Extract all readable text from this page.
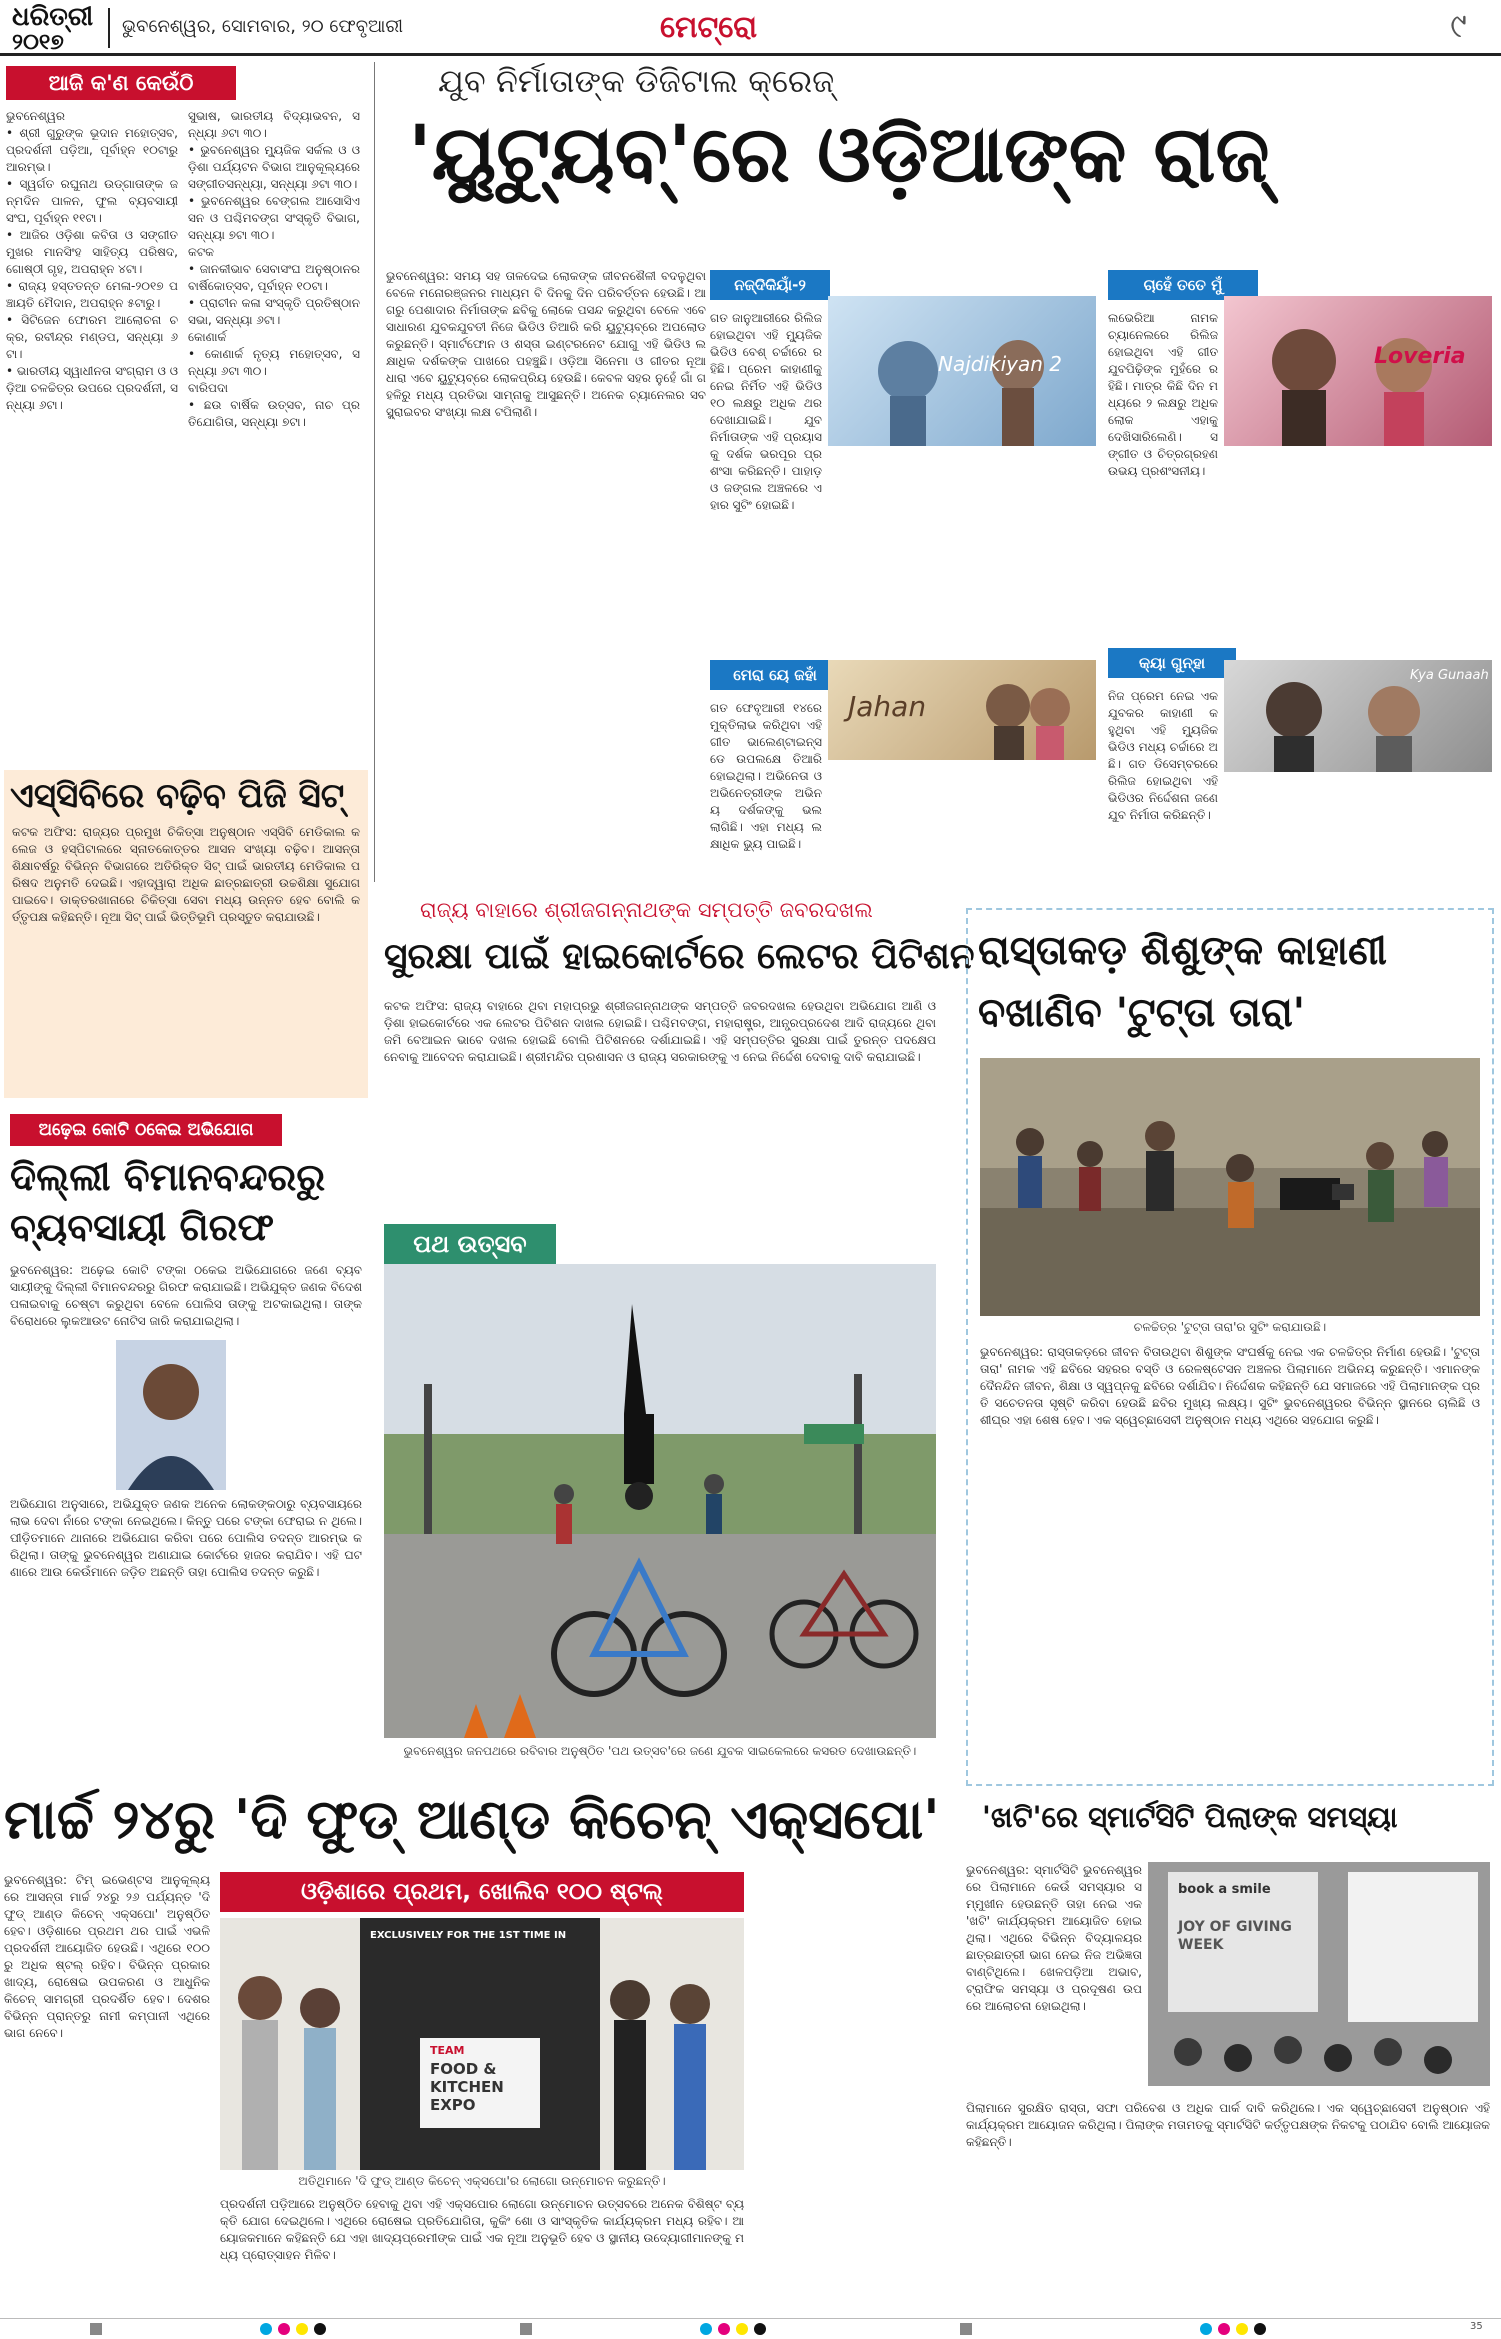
ଧରିତ୍ରୀ
୨୦୧୭
ଭୁବନେଶ୍ୱର, ସୋମବାର, ୨୦ ଫେବୃଆରୀ	ମେଟ୍ରୋ	୯
ଆଜି କ'ଣ କେଉଁଠି
ଭୁବନେଶ୍ୱର
• ଶ୍ରୀ ଗୁରୁଙ୍କ ଭୂଦାନ ମହୋତ୍ସବ, ପ୍ରଦର୍ଶନୀ ପଡ଼ିଆ, ପୂର୍ବାହ୍ନ ୧୦ଟାରୁ ଆରମ୍ଭ।
• ସ୍ୱର୍ଗତ ରଘୁନାଥ ଉଡ୍ଗାତାଙ୍କ ଜନ୍ମଦିନ ପାଳନ, ଫୁଲ ବ୍ୟବସାୟୀ ସଂଘ, ପୂର୍ବାହ୍ନ ୧୧ଟା।
• ଆଜିର ଓଡ଼ିଶା କବିତା ଓ ସଙ୍ଗୀତ ମୁଖର ମାନସିଂହ ସାହିତ୍ୟ ପରିଷଦ, ଗୋଷ୍ଠୀ ଗୃହ, ଅପରାହ୍ନ ୪ଟା।
• ରାଜ୍ୟ ହସ୍ତତନ୍ତ ମେଳା-୨୦୧୭ ପଞ୍ଚାୟତି ମୈଦାନ, ଅପରାହ୍ନ ୫ଟାରୁ।
• ସିଟିଜେନ ଫୋରମ ଆଲୋଚନା ଚକ୍ର, ରବୀନ୍ଦ୍ର ମଣ୍ଡପ, ସନ୍ଧ୍ୟା ୬ଟା।
• ଭାରତୀୟ ସ୍ୱାଧୀନତା ସଂଗ୍ରାମ ଓ ଓଡ଼ିଆ ଚଳଚ୍ଚିତ୍ର ଉପରେ ପ୍ରଦର୍ଶନୀ, ସନ୍ଧ୍ୟା ୬ଟା।
ସୁଭାଷ, ଭାରତୀୟ ବିଦ୍ୟାଭବନ, ସନ୍ଧ୍ୟା ୬ଟା ୩୦।
• ଭୁବନେଶ୍ୱର ମ୍ୟୁଜିକ ସର୍କଲ ଓ ଓଡ଼ିଶା ପର୍ଯ୍ୟଟନ ବିଭାଗ ଆନୁକୂଲ୍ୟରେ ସଙ୍ଗୀତସନ୍ଧ୍ୟା, ସନ୍ଧ୍ୟା ୬ଟା ୩୦।
• ଭୁବନେଶ୍ୱର ବେଙ୍ଗଲ ଆସୋସିଏସନ ଓ ପଶ୍ଚିମବଙ୍ଗ ସଂସ୍କୃତି ବିଭାଗ, ସନ୍ଧ୍ୟା ୭ଟା ୩୦।
କଟକ
• ଜାନକୀଭାବ ସେବାସଂଘ ଅନୁଷ୍ଠାନର ବାର୍ଷିକୋତ୍ସବ, ପୂର୍ବାହ୍ନ ୧୦ଟା।
• ପ୍ରାଚୀନ କଳା ସଂସ୍କୃତି ପ୍ରତିଷ୍ଠାନ ସଭା, ସନ୍ଧ୍ୟା ୬ଟା।
କୋଣାର୍କ
• କୋଣାର୍କ ନୃତ୍ୟ ମହୋତ୍ସବ, ସନ୍ଧ୍ୟା ୬ଟା ୩୦।
ବାରିପଦା
• ଛଉ ବାର୍ଷିକ ଉତ୍ସବ, ନାଚ ପ୍ରତିଯୋଗିତା, ସନ୍ଧ୍ୟା ୭ଟା।
ଯୁବ ନିର୍ମାତାଙ୍କ ଡିଜିଟାଲ କ୍ରେଜ୍
'ୟୁଟ୍ୟୁବ୍'ରେ ଓଡ଼ିଆଙ୍କ ରାଜ୍
ଭୁବନେଶ୍ୱର: ସମୟ ସହ ତାଳଦେଇ ଲୋକଙ୍କ ଜୀବନଶୈଳୀ ବଦଳୁଥିବା ବେଳେ ମନୋରଞ୍ଜନର ମାଧ୍ୟମ ବି ଦିନକୁ ଦିନ ପରିବର୍ତ୍ତନ ହେଉଛି। ଆଗରୁ ପେଶାଦାର ନିର୍ମାତାଙ୍କ ଛବିକୁ ଲୋକେ ପସନ୍ଦ କରୁଥିବା ବେଳେ ଏବେ ସାଧାରଣ ଯୁବକଯୁବତୀ ନିଜେ ଭିଡିଓ ତିଆରି କରି ୟୁଟ୍ୟୁବ୍ରେ ଅପଲୋଡ କରୁଛନ୍ତି। ସ୍ମାର୍ଟଫୋନ ଓ ଶସ୍ତା ଇଣ୍ଟରନେଟ ଯୋଗୁ ଏହି ଭିଡିଓ ଲକ୍ଷାଧିକ ଦର୍ଶକଙ୍କ ପାଖରେ ପହଞ୍ଚୁଛି। ଓଡ଼ିଆ ସିନେମା ଓ ଗୀତର ନୂଆ ଧାରା ଏବେ ୟୁଟ୍ୟୁବ୍ରେ ଲୋକପ୍ରିୟ ହେଉଛି। କେବଳ ସହର ନୁହେଁ ଗାଁ ଗହଳିରୁ ମଧ୍ୟ ପ୍ରତିଭା ସାମ୍ନାକୁ ଆସୁଛନ୍ତି। ଅନେକ ଚ୍ୟାନେଲର ସବସ୍କ୍ରାଇବର ସଂଖ୍ୟା ଲକ୍ଷ ଟପିଲାଣି।
ନଜ୍ଦିକିୟାଁ-୨
Najdikiyan 2
ଗତ ଜାନୁଆରୀରେ ରିଲିଜ ହୋଇଥିବା ଏହି ମ୍ୟୁଜିକ ଭିଡିଓ ବେଶ୍ ଚର୍ଚ୍ଚାରେ ରହିଛି। ପ୍ରେମ କାହାଣୀକୁ ନେଇ ନିର୍ମିତ ଏହି ଭିଡିଓ ୧୦ ଲକ୍ଷରୁ ଅଧିକ ଥର ଦେଖାଯାଇଛି। ଯୁବ ନିର୍ମାତାଙ୍କ ଏହି ପ୍ରୟାସକୁ ଦର୍ଶକ ଭରପୂର ପ୍ରଶଂସା କରିଛନ୍ତି। ପାହାଡ଼ ଓ ଜଙ୍ଗଲ ଅଞ୍ଚଳରେ ଏହାର ସୁଟିଂ ହୋଇଛି।
ଚାହେଁ ତତେ ମୁଁ
Loveria
ଲଭେରିଆ ନାମକ ଚ୍ୟାନେଲରେ ରିଲିଜ ହୋଇଥିବା ଏହି ଗୀତ ଯୁବପିଢ଼ିଙ୍କ ମୁହଁରେ ରହିଛି। ମାତ୍ର କିଛି ଦିନ ମଧ୍ୟରେ ୨ ଲକ୍ଷରୁ ଅଧିକ ଲୋକ ଏହାକୁ ଦେଖିସାରିଲେଣି। ସଙ୍ଗୀତ ଓ ଚିତ୍ରଗ୍ରହଣ ଉଭୟ ପ୍ରଶଂସନୀୟ।
ମେରା ୟେ ଜହାଁ
Jahan
ଗତ ଫେବୃଆରୀ ୧୪ରେ ମୁକ୍ତିଲାଭ କରିଥିବା ଏହି ଗୀତ ଭାଲେଣ୍ଟାଇନ୍ସ ଡେ ଉପଲକ୍ଷେ ତିଆରି ହୋଇଥିଲା। ଅଭିନେତା ଓ ଅଭିନେତ୍ରୀଙ୍କ ଅଭିନୟ ଦର୍ଶକଙ୍କୁ ଭଲ ଲାଗିଛି। ଏହା ମଧ୍ୟ ଲକ୍ଷାଧିକ ଭ୍ୟୁ ପାଇଛି।
କ୍ୟା ଗୁନ୍‌ହା
Kya Gunaah
ନିଜ ପ୍ରେମ ନେଇ ଏକ ଯୁବକର କାହାଣୀ କହୁଥିବା ଏହି ମ୍ୟୁଜିକ ଭିଡିଓ ମଧ୍ୟ ଚର୍ଚ୍ଚାରେ ଅଛି। ଗତ ଡିସେମ୍ବରରେ ରିଲିଜ ହୋଇଥିବା ଏହି ଭିଡିଓର ନିର୍ଦ୍ଦେଶନା ଜଣେ ଯୁବ ନିର୍ମାତା କରିଛନ୍ତି।
ଏସ୍‌ସିବିରେ ବଢ଼ିବ ପିଜି ସିଟ୍
କଟକ ଅଫିସ: ରାଜ୍ୟର ପ୍ରମୁଖ ଚିକିତ୍ସା ଅନୁଷ୍ଠାନ ଏସ୍‌ସିବି ମେଡିକାଲ କଲେଜ ଓ ହସ୍ପିଟାଲରେ ସ୍ନାତକୋତ୍ତର ଆସନ ସଂଖ୍ୟା ବଢ଼ିବ। ଆସନ୍ତା ଶିକ୍ଷାବର୍ଷରୁ ବିଭିନ୍ନ ବିଭାଗରେ ଅତିରିକ୍ତ ସିଟ୍ ପାଇଁ ଭାରତୀୟ ମେଡିକାଲ ପରିଷଦ ଅନୁମତି ଦେଇଛି। ଏହାଦ୍ୱାରା ଅଧିକ ଛାତ୍ରଛାତ୍ରୀ ଉଚ୍ଚଶିକ୍ଷା ସୁଯୋଗ ପାଇବେ। ଡାକ୍ତରଖାନାରେ ଚିକିତ୍ସା ସେବା ମଧ୍ୟ ଉନ୍ନତ ହେବ ବୋଲି କର୍ତ୍ତୃପକ୍ଷ କହିଛନ୍ତି। ନୂଆ ସିଟ୍ ପାଇଁ ଭିତ୍ତିଭୂମି ପ୍ରସ୍ତୁତ କରାଯାଉଛି।
ଅଢ଼େଇ କୋଟି ଠକେଇ ଅଭିଯୋଗ
ଦିଲ୍ଲୀ ବିମାନବନ୍ଦରରୁ ବ୍ୟବସାୟୀ ଗିରଫ
ଭୁବନେଶ୍ୱର: ଅଢ଼େଇ କୋଟି ଟଙ୍କା ଠକେଇ ଅଭିଯୋଗରେ ଜଣେ ବ୍ୟବସାୟୀଙ୍କୁ ଦିଲ୍ଲୀ ବିମାନବନ୍ଦରରୁ ଗିରଫ କରାଯାଇଛି। ଅଭିଯୁକ୍ତ ଜଣକ ବିଦେଶ ପଳାଇବାକୁ ଚେଷ୍ଟା କରୁଥିବା ବେଳେ ପୋଲିସ ତାଙ୍କୁ ଅଟକାଇଥିଲା। ତାଙ୍କ ବିରୋଧରେ ଲୁକଆଉଟ ନୋଟିସ ଜାରି କରାଯାଇଥିଲା।
ଅଭିଯୋଗ ଅନୁସାରେ, ଅଭିଯୁକ୍ତ ଜଣକ ଅନେକ ଲୋକଙ୍କଠାରୁ ବ୍ୟବସାୟରେ ଲାଭ ଦେବା ନାଁରେ ଟଙ୍କା ନେଇଥିଲେ। କିନ୍ତୁ ପରେ ଟଙ୍କା ଫେରାଇ ନ ଥିଲେ। ପୀଡ଼ିତମାନେ ଥାନାରେ ଅଭିଯୋଗ କରିବା ପରେ ପୋଲିସ ତଦନ୍ତ ଆରମ୍ଭ କରିଥିଲା। ତାଙ୍କୁ ଭୁବନେଶ୍ୱର ଅଣାଯାଇ କୋର୍ଟରେ ହାଜର କରାଯିବ। ଏହି ଘଟଣାରେ ଆଉ କେଉଁମାନେ ଜଡ଼ିତ ଅଛନ୍ତି ତାହା ପୋଲିସ ତଦନ୍ତ କରୁଛି।
ରାଜ୍ୟ ବାହାରେ ଶ୍ରୀଜଗନ୍ନାଥଙ୍କ ସମ୍ପତ୍ତି ଜବରଦଖଲ
ସୁରକ୍ଷା ପାଇଁ ହାଇକୋର୍ଟରେ ଲେଟର ପିଟିଶନ
କଟକ ଅଫିସ: ରାଜ୍ୟ ବାହାରେ ଥିବା ମହାପ୍ରଭୁ ଶ୍ରୀଜଗନ୍ନାଥଙ୍କ ସମ୍ପତ୍ତି ଜବରଦଖଲ ହେଉଥିବା ଅଭିଯୋଗ ଆଣି ଓଡ଼ିଶା ହାଇକୋର୍ଟରେ ଏକ ଲେଟର ପିଟିଶନ ଦାଖଲ ହୋଇଛି। ପଶ୍ଚିମବଙ୍ଗ, ମହାରାଷ୍ଟ୍ର, ଆନ୍ଧ୍ରପ୍ରଦେଶ ଆଦି ରାଜ୍ୟରେ ଥିବା ଜମି ବେଆଇନ ଭାବେ ଦଖଲ ହୋଇଛି ବୋଲି ପିଟିଶନରେ ଦର୍ଶାଯାଇଛି। ଏହି ସମ୍ପତ୍ତିର ସୁରକ୍ଷା ପାଇଁ ତୁରନ୍ତ ପଦକ୍ଷେପ ନେବାକୁ ଆବେଦନ କରାଯାଇଛି। ଶ୍ରୀମନ୍ଦିର ପ୍ରଶାସନ ଓ ରାଜ୍ୟ ସରକାରଙ୍କୁ ଏ ନେଇ ନିର୍ଦ୍ଦେଶ ଦେବାକୁ ଦାବି କରାଯାଇଛି।
ରାସ୍ତାକଡ଼ ଶିଶୁଙ୍କ କାହାଣୀ ବଖାଣିବ 'ଟୁଟ୍‌ତା ତାରା'
ଚଳଚ୍ଚିତ୍ର 'ଟୁଟ୍‌ତା ତାରା'ର ସୁଟିଂ କରାଯାଉଛି।
ଭୁବନେଶ୍ୱର: ରାସ୍ତାକଡ଼ରେ ଜୀବନ ବିତାଉଥିବା ଶିଶୁଙ୍କ ସଂଘର୍ଷକୁ ନେଇ ଏକ ଚଳଚ୍ଚିତ୍ର ନିର୍ମାଣ ହେଉଛି। 'ଟୁଟ୍‌ତା ତାରା' ନାମକ ଏହି ଛବିରେ ସହରର ବସ୍ତି ଓ ରେଳଷ୍ଟେସନ ଅଞ୍ଚଳର ପିଲାମାନେ ଅଭିନୟ କରୁଛନ୍ତି। ଏମାନଙ୍କ ଦୈନନ୍ଦିନ ଜୀବନ, ଶିକ୍ଷା ଓ ସ୍ୱପ୍ନକୁ ଛବିରେ ଦର୍ଶାଯିବ। ନିର୍ଦ୍ଦେଶକ କହିଛନ୍ତି ଯେ ସମାଜରେ ଏହି ପିଲାମାନଙ୍କ ପ୍ରତି ସଚେତନତା ସୃଷ୍ଟି କରିବା ହେଉଛି ଛବିର ମୁଖ୍ୟ ଲକ୍ଷ୍ୟ। ସୁଟିଂ ଭୁବନେଶ୍ୱରର ବିଭିନ୍ନ ସ୍ଥାନରେ ଚାଲିଛି ଓ ଶୀଘ୍ର ଏହା ଶେଷ ହେବ। ଏକ ସ୍ୱେଚ୍ଛାସେବୀ ଅନୁଷ୍ଠାନ ମଧ୍ୟ ଏଥିରେ ସହଯୋଗ କରୁଛି।
ପଥ ଉତ୍ସବ
ଭୁବନେଶ୍ୱର ଜନପଥରେ ରବିବାର ଅନୁଷ୍ଠିତ 'ପଥ ଉତ୍ସବ'ରେ ଜଣେ ଯୁବକ ସାଇକେଲରେ କସରତ ଦେଖାଉଛନ୍ତି।
ମାର୍ଚ୍ଚ ୨୪ରୁ 'ଦି ଫୁଡ୍ ଆଣ୍ଡ କିଚେନ୍ ଏକ୍ସପୋ'
ଓଡ଼ିଶାରେ ପ୍ରଥମ, ଖୋଲିବ ୧୦୦ ଷ୍ଟଲ୍
ଭୁବନେଶ୍ୱର: ଟିମ୍ ଇଭେଣ୍ଟସ ଆନୁକୂଲ୍ୟରେ ଆସନ୍ତା ମାର୍ଚ୍ଚ ୨୪ରୁ ୨୬ ପର୍ଯ୍ୟନ୍ତ 'ଦି ଫୁଡ୍ ଆଣ୍ଡ କିଚେନ୍ ଏକ୍ସପୋ' ଅନୁଷ୍ଠିତ ହେବ। ଓଡ଼ିଶାରେ ପ୍ରଥମ ଥର ପାଇଁ ଏଭଳି ପ୍ରଦର୍ଶନୀ ଆୟୋଜିତ ହେଉଛି। ଏଥିରେ ୧୦୦ରୁ ଅଧିକ ଷ୍ଟଲ୍ ରହିବ। ବିଭିନ୍ନ ପ୍ରକାର ଖାଦ୍ୟ, ରୋଷେଇ ଉପକରଣ ଓ ଆଧୁନିକ କିଚେନ୍ ସାମଗ୍ରୀ ପ୍ରଦର୍ଶିତ ହେବ। ଦେଶର ବିଭିନ୍ନ ପ୍ରାନ୍ତରୁ ନାମୀ କମ୍ପାନୀ ଏଥିରେ ଭାଗ ନେବେ।
EXCLUSIVELY FOR THE 1ST TIME IN
TEAM
FOOD &
KITCHEN
EXPO
ଅତିଥିମାନେ 'ଦି ଫୁଡ୍ ଆଣ୍ଡ କିଚେନ୍ ଏକ୍ସପୋ'ର ଲୋଗୋ ଉନ୍ମୋଚନ କରୁଛନ୍ତି।
ପ୍ରଦର୍ଶନୀ ପଡ଼ିଆରେ ଅନୁଷ୍ଠିତ ହେବାକୁ ଥିବା ଏହି ଏକ୍ସପୋର ଲୋଗୋ ଉନ୍ମୋଚନ ଉତ୍ସବରେ ଅନେକ ବିଶିଷ୍ଟ ବ୍ୟକ୍ତି ଯୋଗ ଦେଇଥିଲେ। ଏଥିରେ ରୋଷେଇ ପ୍ରତିଯୋଗିତା, କୁକିଂ ଶୋ ଓ ସାଂସ୍କୃତିକ କାର୍ଯ୍ୟକ୍ରମ ମଧ୍ୟ ରହିବ। ଆୟୋଜକମାନେ କହିଛନ୍ତି ଯେ ଏହା ଖାଦ୍ୟପ୍ରେମୀଙ୍କ ପାଇଁ ଏକ ନୂଆ ଅନୁଭୂତି ହେବ ଓ ସ୍ଥାନୀୟ ଉଦ୍ୟୋଗୀମାନଙ୍କୁ ମଧ୍ୟ ପ୍ରୋତ୍ସାହନ ମିଳିବ।
'ଖଟି'ରେ ସ୍ମାର୍ଟସିଟି ପିଲାଙ୍କ ସମସ୍ୟା
ଭୁବନେଶ୍ୱର: ସ୍ମାର୍ଟସିଟି ଭୁବନେଶ୍ୱରରେ ପିଲାମାନେ କେଉଁ ସମସ୍ୟାର ସମ୍ମୁଖୀନ ହେଉଛନ୍ତି ତାହା ନେଇ ଏକ 'ଖଟି' କାର୍ଯ୍ୟକ୍ରମ ଆୟୋଜିତ ହୋଇଥିଲା। ଏଥିରେ ବିଭିନ୍ନ ବିଦ୍ୟାଳୟର ଛାତ୍ରଛାତ୍ରୀ ଭାଗ ନେଇ ନିଜ ଅଭିଜ୍ଞତା ବାଣ୍ଟିଥିଲେ। ଖେଳପଡ଼ିଆ ଅଭାବ, ଟ୍ରାଫିକ ସମସ୍ୟା ଓ ପ୍ରଦୂଷଣ ଉପରେ ଆଲୋଚନା ହୋଇଥିଲା।
book a smile
JOY OF GIVING WEEK
ପିଲାମାନେ ସୁରକ୍ଷିତ ରାସ୍ତା, ସଫା ପରିବେଶ ଓ ଅଧିକ ପାର୍କ ଦାବି କରିଥିଲେ। ଏକ ସ୍ୱେଚ୍ଛାସେବୀ ଅନୁଷ୍ଠାନ ଏହି କାର୍ଯ୍ୟକ୍ରମ ଆୟୋଜନ କରିଥିଲା। ପିଲାଙ୍କ ମତାମତକୁ ସ୍ମାର୍ଟସିଟି କର୍ତ୍ତୃପକ୍ଷଙ୍କ ନିକଟକୁ ପଠାଯିବ ବୋଲି ଆୟୋଜକ କହିଛନ୍ତି।
35
